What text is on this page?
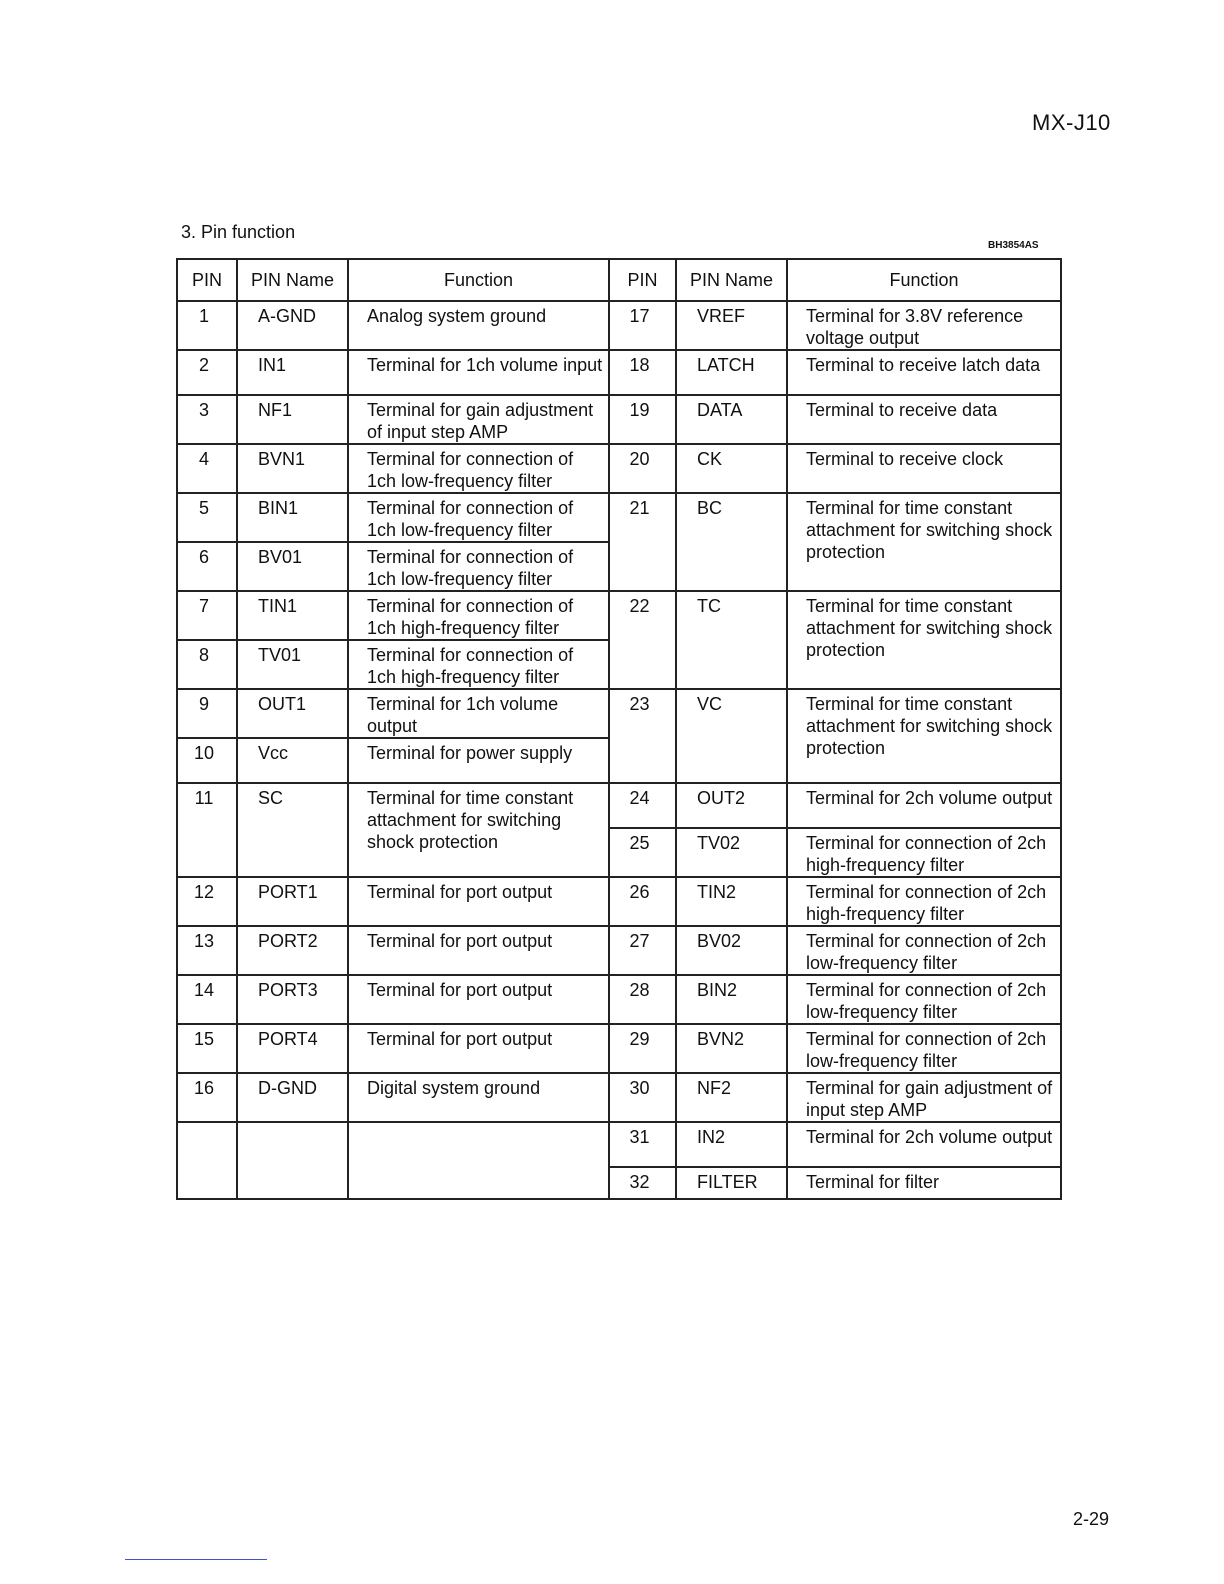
MX-J10
3. Pin function
BH3854AS
PIN	PIN Name	Function	PIN	PIN Name	Function
1	A-GND	Analog system ground	17	VREF	Terminal for 3.8V reference voltage output
2	IN1	Terminal for 1ch volume input	18	LATCH	Terminal to receive latch data
3	NF1	Terminal for gain adjustment of input step AMP	19	DATA	Terminal to receive data
4	BVN1	Terminal for connection of 1ch low-frequency filter	20	CK	Terminal to receive clock
5	BIN1	Terminal for connection of 1ch low-frequency filter	21	BC	Terminal for time constant attachment for switching shock protection
6	BV01	Terminal for connection of 1ch low-frequency filter			
7	TIN1	Terminal for connection of 1ch high-frequency filter	22	TC	Terminal for time constant attachment for switching shock protection
8	TV01	Terminal for connection of 1ch high-frequency filter			
9	OUT1	Terminal for 1ch volume output	23	VC	Terminal for time constant attachment for switching shock protection
10	Vcc	Terminal for power supply			
11	SC	Terminal for time constant attachment for switching shock protection	24	OUT2	Terminal for 2ch volume output
			25	TV02	Terminal for connection of 2ch high-frequency filter
12	PORT1	Terminal for port output	26	TIN2	Terminal for connection of 2ch high-frequency filter
13	PORT2	Terminal for port output	27	BV02	Terminal for connection of 2ch low-frequency filter
14	PORT3	Terminal for port output	28	BIN2	Terminal for connection of 2ch low-frequency filter
15	PORT4	Terminal for port output	29	BVN2	Terminal for connection of 2ch low-frequency filter
16	D-GND	Digital system ground	30	NF2	Terminal for gain adjustment of input step AMP
			31	IN2	Terminal for 2ch volume output
			32	FILTER	Terminal for filter
2-29
